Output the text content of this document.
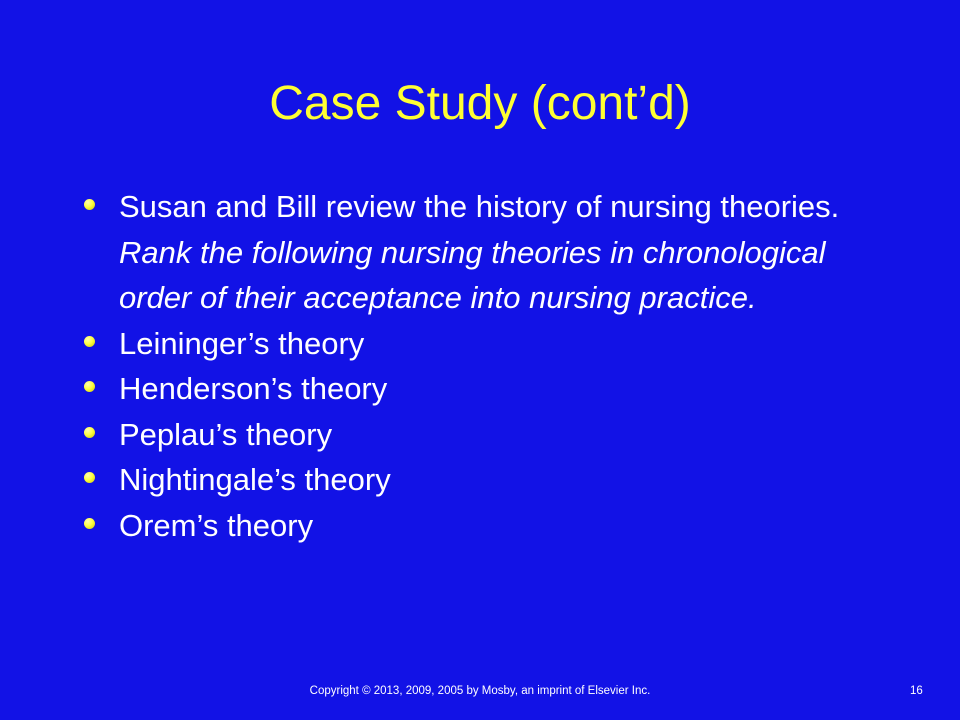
Case Study (cont’d)
Susan and Bill review the history of nursing theories. Rank the following nursing theories in chronological order of their acceptance into nursing practice.
Leininger’s theory
Henderson’s theory
Peplau’s theory
Nightingale’s theory
Orem’s theory
Copyright © 2013, 2009, 2005 by Mosby, an imprint of Elsevier Inc.	16
